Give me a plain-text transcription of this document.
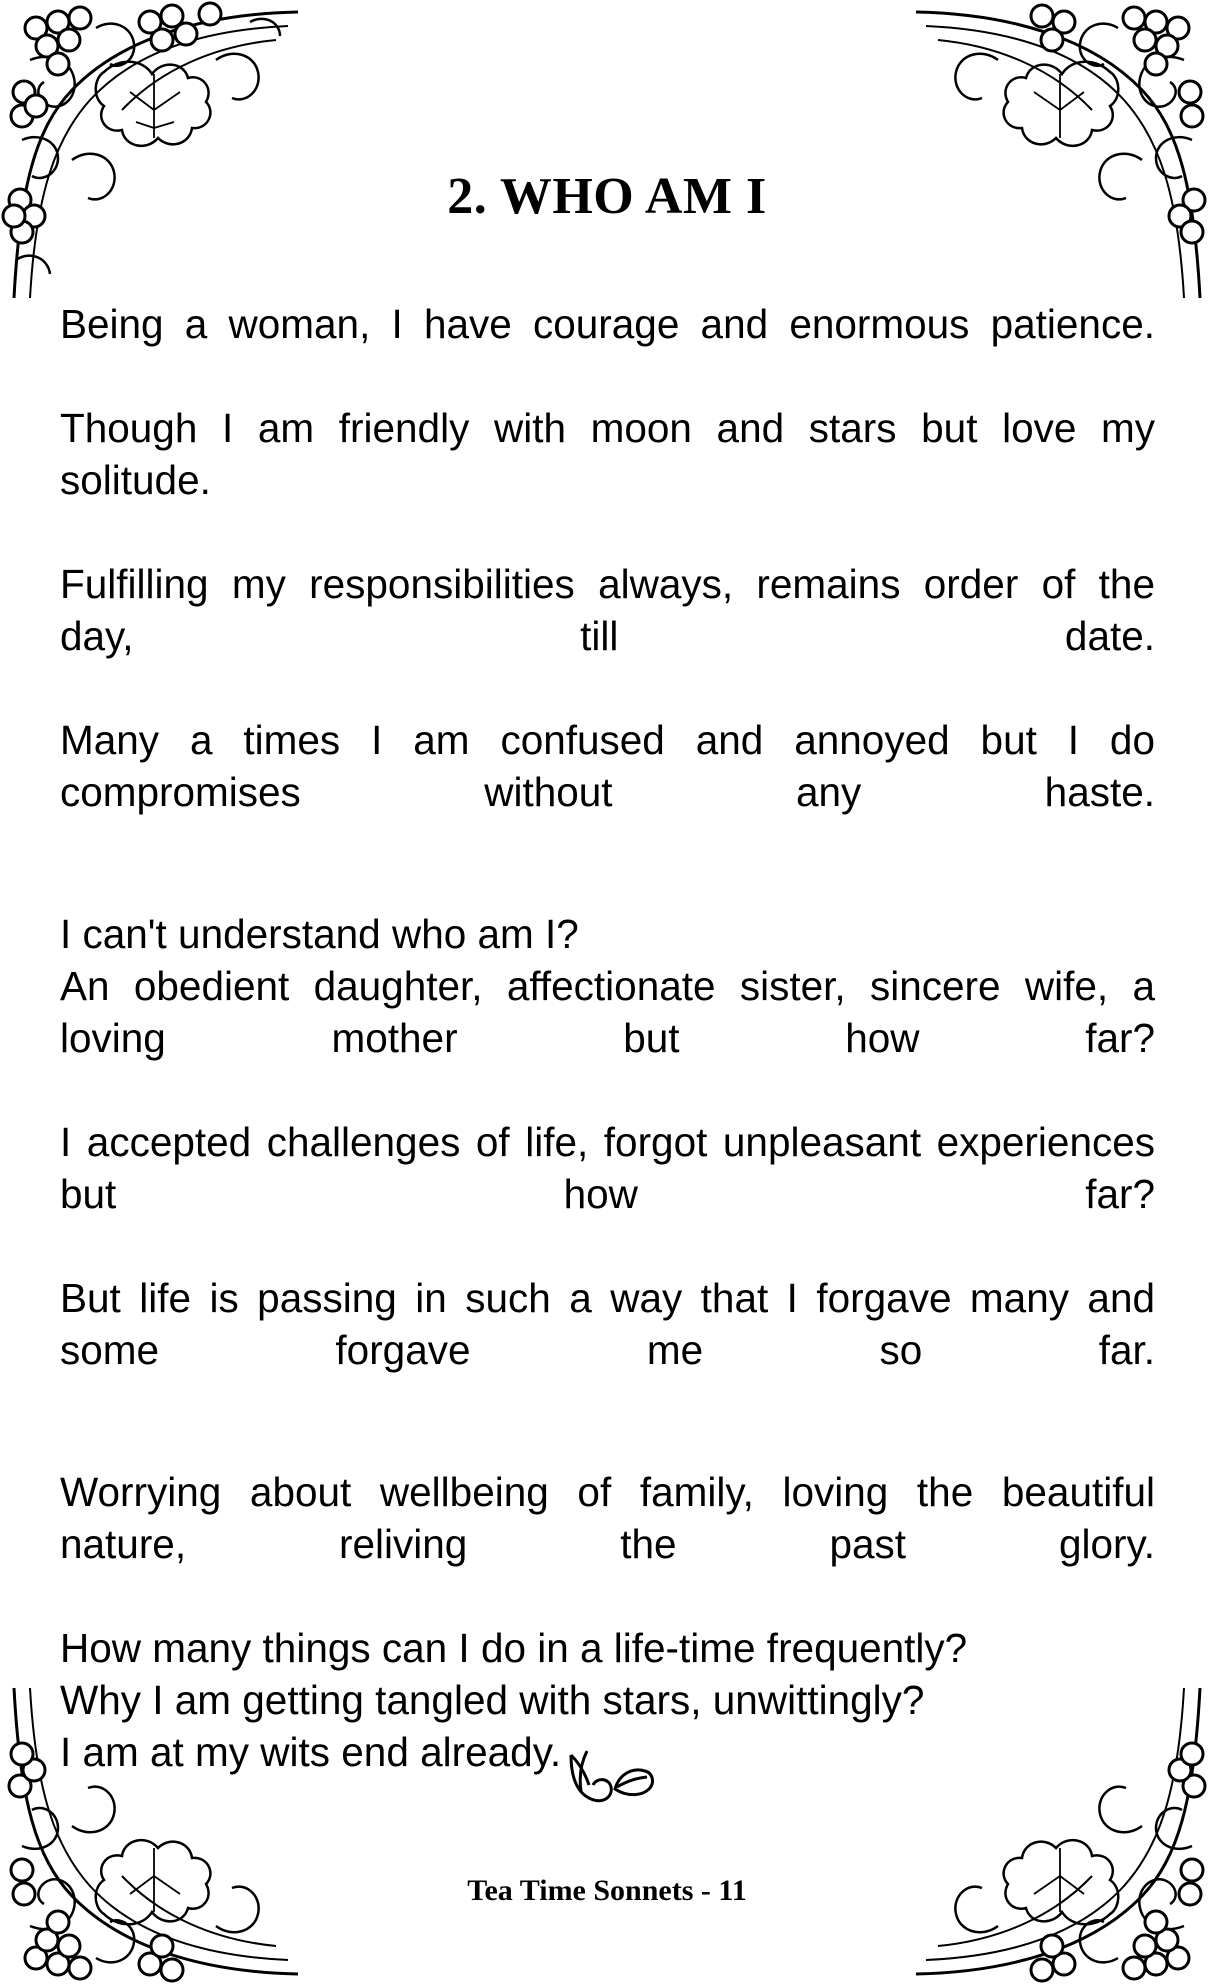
2. WHO AM I

Being a woman, I have courage and enormous patience.

Though I am friendly with moon and stars but love my solitude.

Fulfilling my responsibilities always, remains order of the day, till date.

Many a times I am confused and annoyed but I do compromises without any haste.

I can't understand who am I?

An obedient daughter, affectionate sister, sincere wife, a loving mother but how far?

I accepted challenges of life, forgot unpleasant experiences but how far?

But life is passing in such a way that I forgave many and some forgave me so far.

Worrying about wellbeing of family, loving the beautiful nature, reliving the past glory.

How many things can I do in a life-time frequently?

Why I am getting tangled with stars, unwittingly?

I am at my wits end already.

Tea Time Sonnets - 11
